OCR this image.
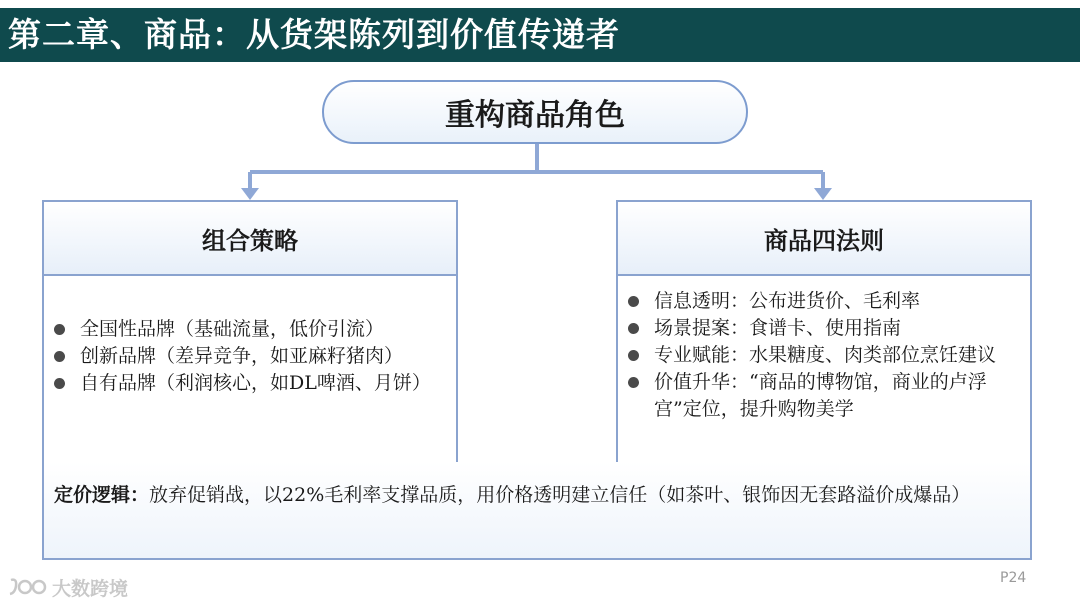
第二章、商品：从货架陈列到价值传递者
重构商品角色
组合策略
全国性品牌（基础流量，低价引流）
创新品牌（差异竞争，如亚麻籽猪肉）
自有品牌（利润核心，如DL啤酒、月饼）
商品四法则
信息透明：公布进货价、毛利率
场景提案：食谱卡、使用指南
专业赋能：水果糖度、肉类部位烹饪建议
价值升华：“商品的博物馆，商业的卢浮宫”定位，提升购物美学
定价逻辑：放弃促销战，以22%毛利率支撑品质，用价格透明建立信任（如茶叶、银饰因无套路溢价成爆品）
大数跨境	P24
